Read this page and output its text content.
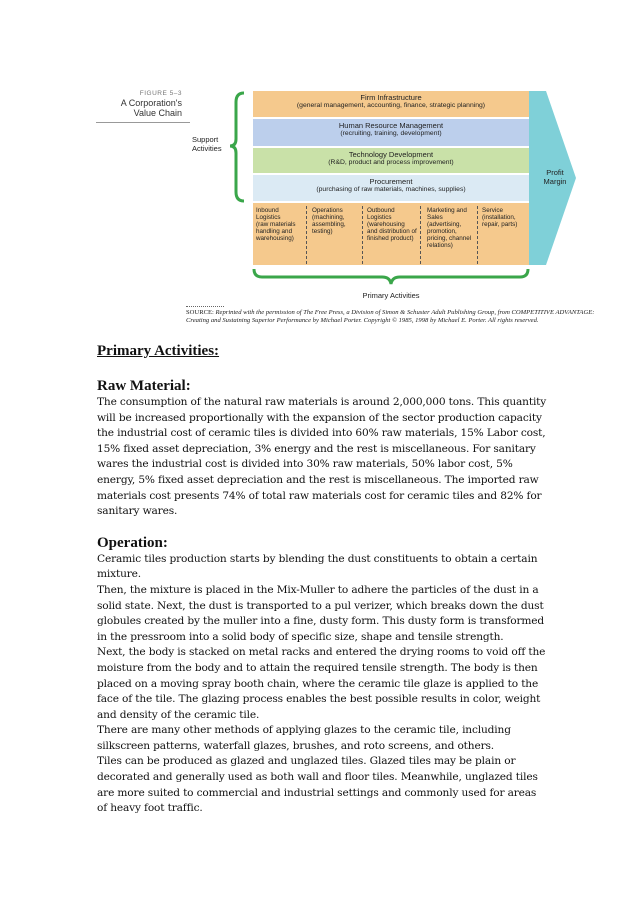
FIGURE 5–3
A Corporation's
Value Chain
Support
Activities
Firm Infrastructure
(general management, accounting, finance, strategic planning)
Human Resource Management
(recruiting, training, development)
Technology Development
(R&D, product and process improvement)
Procurement
(purchasing of raw materials, machines, supplies)
Inbound Logistics
(raw materials handling and warehousing)
Operations
(machining, assembling, testing)
Outbound Logistics
(warehousing and distribution of finished product)
Marketing and Sales
(advertising, promotion, pricing, channel relations)
Service
(installation, repair, parts)
Profit
Margin
Primary Activities
SOURCE: Reprinted with the permission of The Free Press, a Division of Simon & Schuster Adult Publishing Group, from COMPETITIVE ADVANTAGE: Creating and Sustaining Superior Performance by Michael Porter. Copyright © 1985, 1998 by Michael E. Porter. All rights reserved.

Primary Activities:

Raw Material:

The consumption of the natural raw materials is around 2,000,000 tons. This quantity will be increased proportionally with the expansion of the sector production capacity the industrial cost of ceramic tiles is divided into 60% raw materials, 15% Labor cost, 15% fixed asset depreciation, 3% energy and the rest is miscellaneous. For sanitary wares the industrial cost is divided into 30% raw materials, 50% labor cost, 5% energy, 5% fixed asset depreciation and the rest is miscellaneous. The imported raw materials cost presents 74% of total raw materials cost for ceramic tiles and 82% for sanitary wares.

Operation:

Ceramic tiles production starts by blending the dust constituents to obtain a certain mixture.

Then, the mixture is placed in the Mix-Muller to adhere the particles of the dust in a solid state. Next, the dust is transported to a pul verizer, which breaks down the dust globules created by the muller into a fine, dusty form. This dusty form is transformed in the pressroom into a solid body of specific size, shape and tensile strength.

Next, the body is stacked on metal racks and entered the drying rooms to void off the moisture from the body and to attain the required tensile strength. The body is then placed on a moving spray booth chain, where the ceramic tile glaze is applied to the face of the tile. The glazing process enables the best possible results in color, weight and density of the ceramic tile.

There are many other methods of applying glazes to the ceramic tile, including silkscreen patterns, waterfall glazes, brushes, and roto screens, and others.

Tiles can be produced as glazed and unglazed tiles. Glazed tiles may be plain or decorated and generally used as both wall and floor tiles. Meanwhile, unglazed tiles are more suited to commercial and industrial settings and commonly used for areas of heavy foot traffic.
